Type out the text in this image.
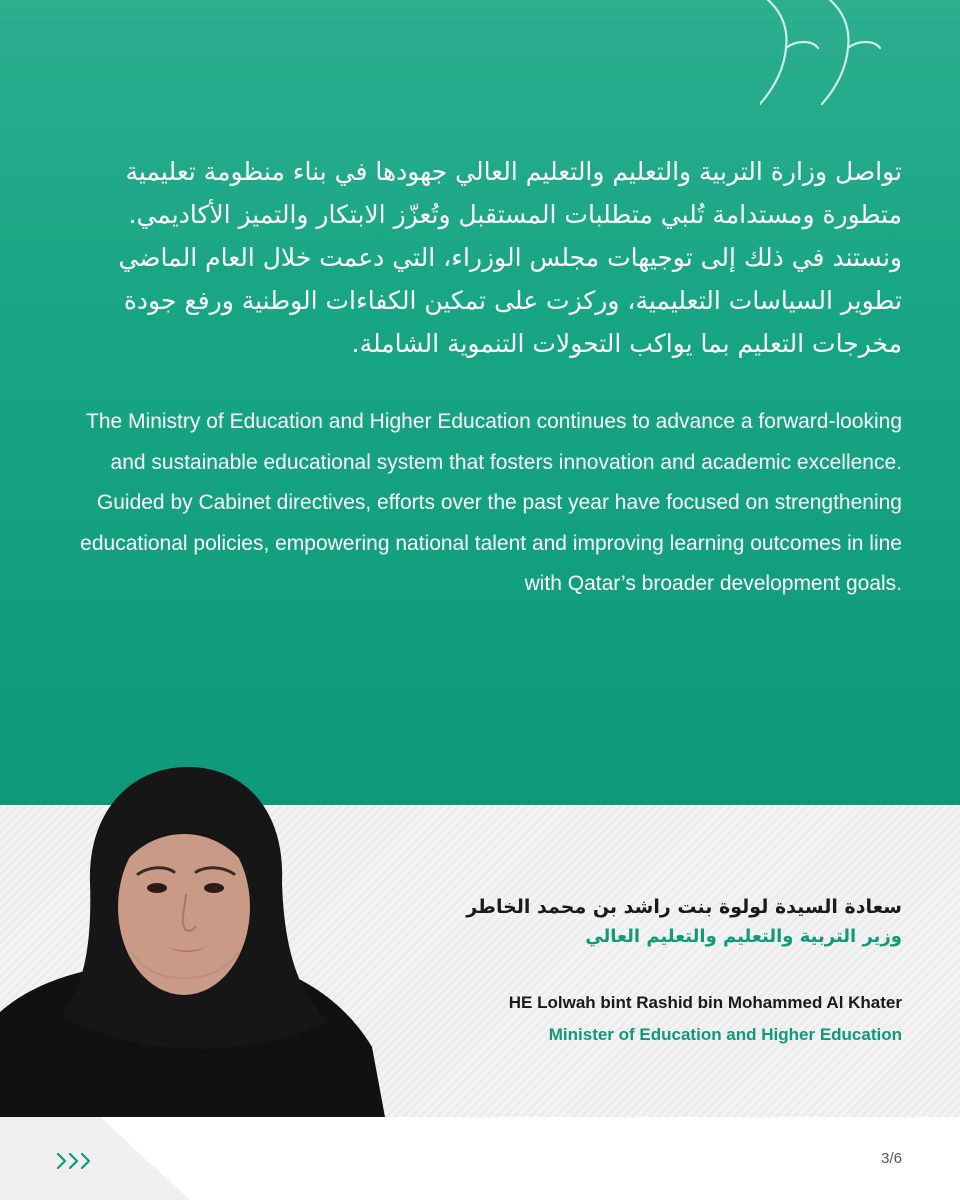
تواصل وزارة التربية والتعليم والتعليم العالي جهودها في بناء منظومة تعليمية متطورة ومستدامة تُلبي متطلبات المستقبل وتُعزّز الابتكار والتميز الأكاديمي. ونستند في ذلك إلى توجيهات مجلس الوزراء، التي دعمت خلال العام الماضي تطوير السياسات التعليمية، وركزت على تمكين الكفاءات الوطنية ورفع جودة مخرجات التعليم بما يواكب التحولات التنموية الشاملة.

The Ministry of Education and Higher Education continues to advance a forward-looking and sustainable educational system that fosters innovation and academic excellence. Guided by Cabinet directives, efforts over the past year have focused on strengthening educational policies, empowering national talent and improving learning outcomes in line with Qatar’s broader development goals.

سعادة السيدة لولوة بنت راشد بن محمد الخاطر
وزير التربية والتعليم والتعليم العالي
HE Lolwah bint Rashid bin Mohammed Al Khater
Minister of Education and Higher Education
3/6
